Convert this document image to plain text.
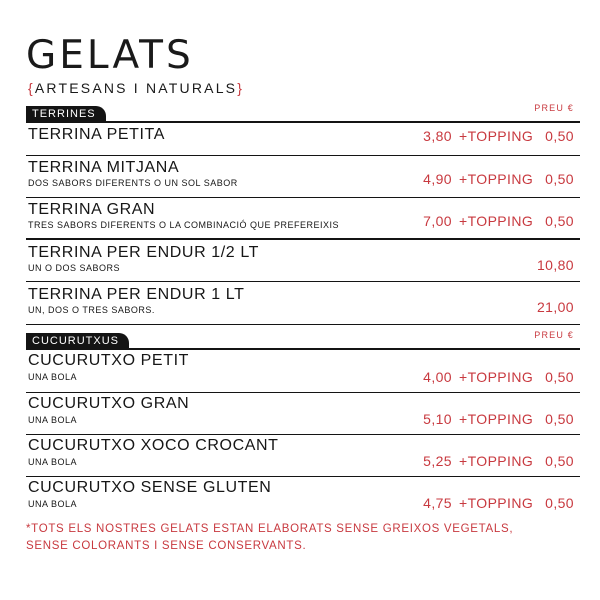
GELATS
{ARTESANS I NATURALS}
TERRINES	PREU €
TERRINA PETITA	3,80 +TOPPING 0,50
TERRINA MITJANA
DOS SABORS DIFERENTS O UN SOL SABOR	4,90 +TOPPING 0,50
TERRINA GRAN
TRES SABORS DIFERENTS O LA COMBINACIÓ QUE PREFEREIXIS	7,00 +TOPPING 0,50
TERRINA PER ENDUR 1/2 LT
UN O DOS SABORS	10,80
TERRINA PER ENDUR 1 LT
UN, DOS O TRES SABORS.	21,00
CUCURUTXUS	PREU €
CUCURUTXO PETIT
UNA BOLA	4,00 +TOPPING 0,50
CUCURUTXO GRAN
UNA BOLA	5,10 +TOPPING 0,50
CUCURUTXO XOCO CROCANT
UNA BOLA	5,25 +TOPPING 0,50
CUCURUTXO SENSE GLUTEN
UNA BOLA	4,75 +TOPPING 0,50
*TOTS ELS NOSTRES GELATS ESTAN ELABORATS SENSE GREIXOS VEGETALS,
SENSE COLORANTS I SENSE CONSERVANTS.
